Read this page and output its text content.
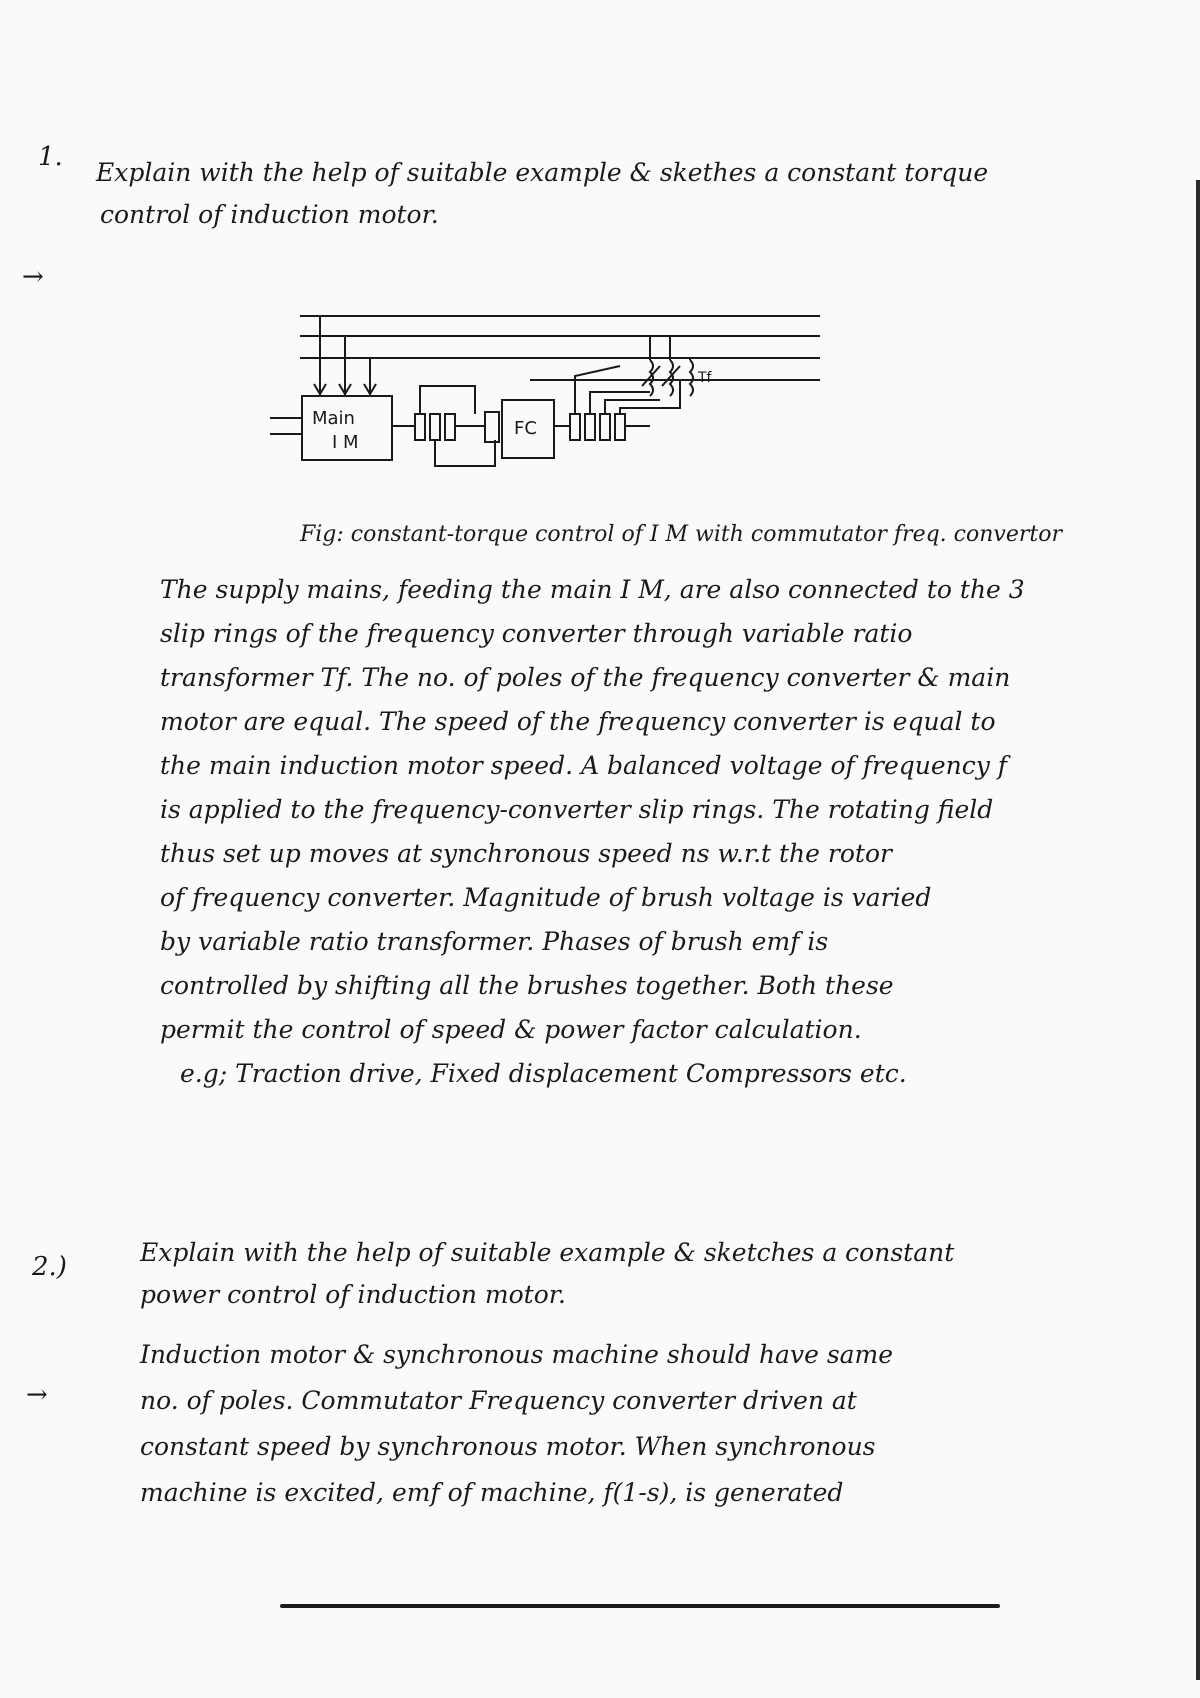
1.
Explain with the help of suitable example & skethes a constant torque
control of induction motor.
→
Main
I M
FC
Tf
Fig: constant-torque control of I M with commutator freq. convertor
The supply mains, feeding the main I M, are also connected to the 3
slip rings of the frequency converter through variable ratio
transformer Tf. The no. of poles of the frequency converter & main
motor are equal. The speed of the frequency converter is equal to
the main induction motor speed. A balanced voltage of frequency f
is applied to the frequency-converter slip rings. The rotating field
thus set up moves at synchronous speed ns w.r.t the rotor
of frequency converter. Magnitude of brush voltage is varied
by variable ratio transformer. Phases of brush emf is
controlled by shifting all the brushes together. Both these
permit the control of speed & power factor calculation.
e.g; Traction drive, Fixed displacement Compressors etc.
2.)	Explain with the help of suitable example & sketches a constant
power control of induction motor.
→
Induction motor & synchronous machine should have same
no. of poles. Commutator Frequency converter driven at
constant speed by synchronous motor. When synchronous
machine is excited, emf of machine, f(1-s), is generated
